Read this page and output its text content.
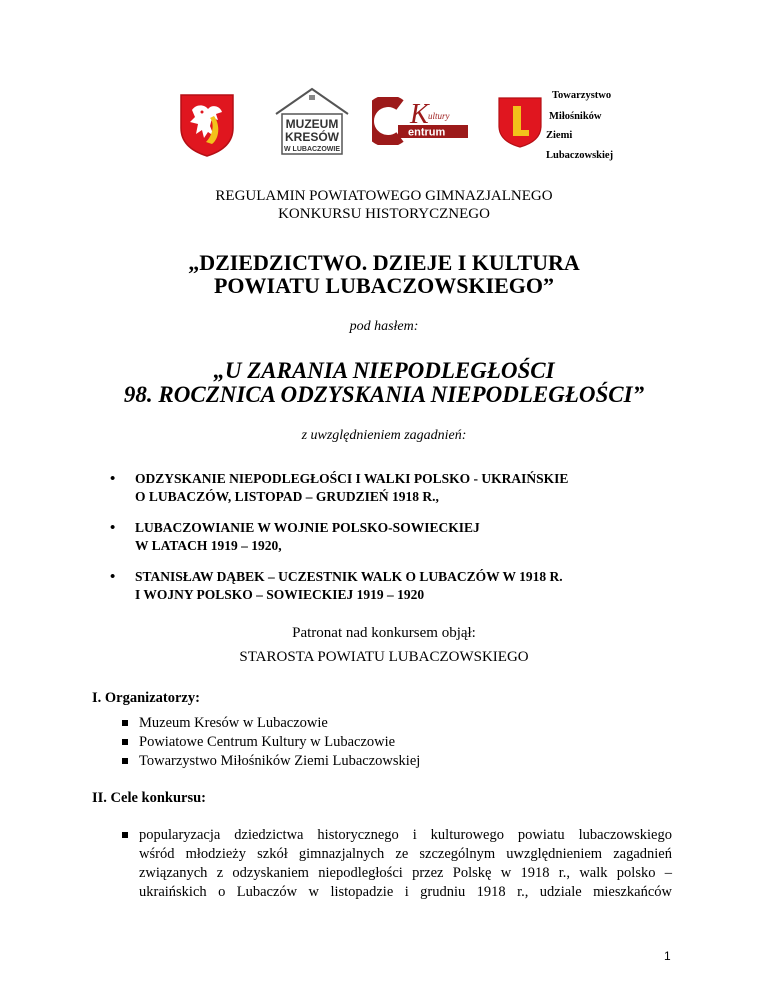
MUZEUM
KRESÓW
W LUBACZOWIE
entrum
K ultury
Towarzystwo
Miłośników
Ziemi
Lubaczowskiej
REGULAMIN POWIATOWEGO GIMNAZJALNEGO
KONKURSU HISTORYCZNEGO
„DZIEDZICTWO. DZIEJE I KULTURA
POWIATU LUBACZOWSKIEGO”
pod hasłem:
„U ZARANIA NIEPODLEGŁOŚCI
98. ROCZNICA ODZYSKANIA NIEPODLEGŁOŚCI”
z uwzględnieniem zagadnień:
• ODZYSKANIE NIEPODLEGŁOŚCI I WALKI POLSKO - UKRAIŃSKIE
O LUBACZÓW, LISTOPAD – GRUDZIEŃ 1918 R.,
• LUBACZOWIANIE W WOJNIE POLSKO-SOWIECKIEJ
W LATACH 1919 – 1920,
• STANISŁAW DĄBEK – UCZESTNIK WALK O LUBACZÓW W 1918 R.
I WOJNY POLSKO – SOWIECKIEJ 1919 – 1920
Patronat nad konkursem objął:
STAROSTA POWIATU LUBACZOWSKIEGO
I. Organizatorzy:
Muzeum Kresów w Lubaczowie
Powiatowe Centrum Kultury w Lubaczowie
Towarzystwo Miłośników Ziemi Lubaczowskiej
II. Cele konkursu:

popularyzacja dziedzictwa historycznego i kulturowego powiatu lubaczowskiego
wśród młodzieży szkół gimnazjalnych ze szczególnym uwzględnieniem zagadnień
związanych z odzyskaniem niepodległości przez Polskę w 1918 r., walk polsko –
ukraińskich o Lubaczów w listopadzie i grudniu 1918 r., udziale mieszkańców

1
